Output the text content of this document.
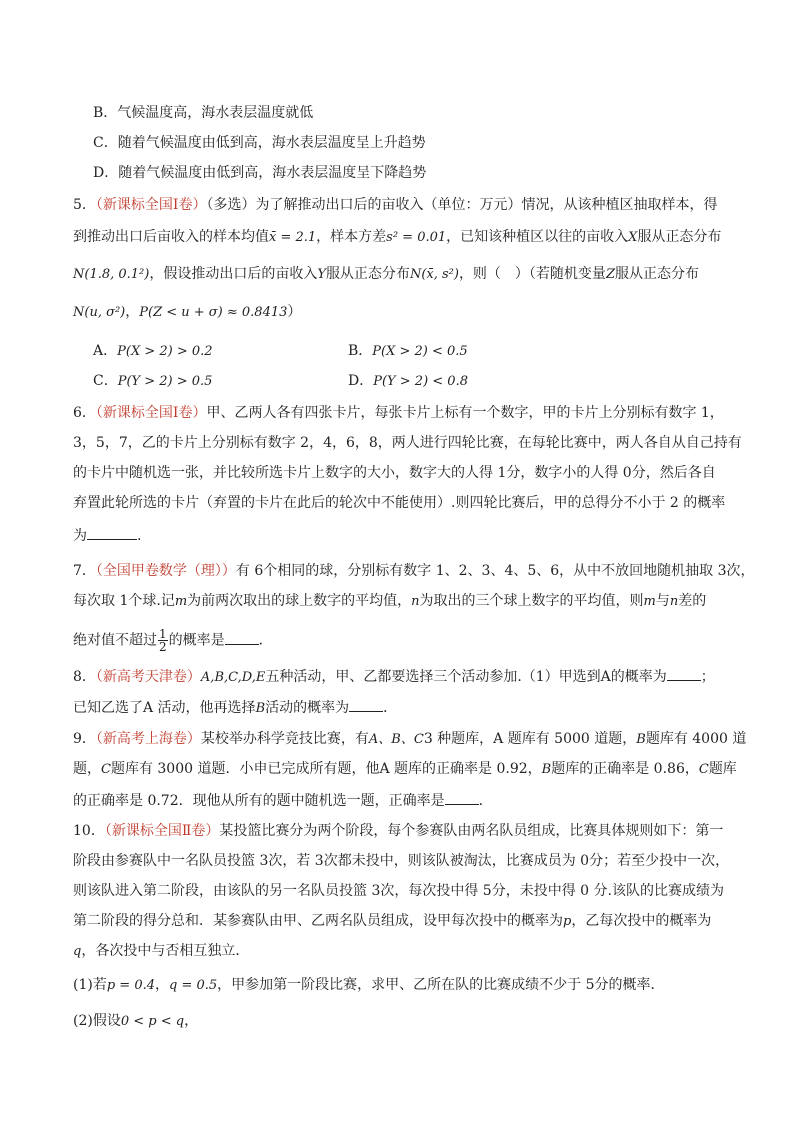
B．气候温度高，海水表层温度就低
C．随着气候温度由低到高，海水表层温度呈上升趋势
D．随着气候温度由低到高，海水表层温度呈下降趋势
5．（新课标全国Ⅰ卷）（多选）为了解推动出口后的亩收入（单位：万元）情况，从该种植区抽取样本，得
到推动出口后亩收入的样本均值x̄ = 2.1，样本方差s² = 0.01，已知该种植区以往的亩收入X服从正态分布
N(1.8, 0.1²)，假设推动出口后的亩收入Y服从正态分布N(x̄, s²)，则（　）（若随机变量Z服从正态分布
N(u, σ²)，P(Z < u + σ) ≈ 0.8413）
A．P(X > 2) > 0.2	B．P(X > 2) < 0.5
C．P(Y > 2) > 0.5	D．P(Y > 2) < 0.8
6．（新课标全国Ⅰ卷）甲、乙两人各有四张卡片，每张卡片上标有一个数字，甲的卡片上分别标有数字 1，
3，5，7，乙的卡片上分别标有数字 2，4，6，8，两人进行四轮比赛，在每轮比赛中，两人各自从自己持有
的卡片中随机选一张，并比较所选卡片上数字的大小，数字大的人得 1分，数字小的人得 0分，然后各自
弃置此轮所选的卡片（弃置的卡片在此后的轮次中不能使用）.则四轮比赛后，甲的总得分不小于 2 的概率
为	.
7．（全国甲卷数学（理））有 6个相同的球，分别标有数字 1、2、3、4、5、6，从中不放回地随机抽取 3次，
每次取 1个球.记m为前两次取出的球上数字的平均值，n为取出的三个球上数字的平均值，则m与n差的
绝对值不超过 $\frac{1}{2}$ 的概率是 ．
8．（新高考天津卷）A,B,C,D,E五种活动，甲、乙都要选择三个活动参加.（1）甲选到A的概率为 ；
已知乙选了A 活动，他再选择B活动的概率为 ．
9．（新高考上海卷）某校举办科学竞技比赛，有A、B、C3 种题库，A 题库有 5000 道题，B题库有 4000 道
题，C题库有 3000 道题．小申已完成所有题，他A 题库的正确率是 0.92，B题库的正确率是 0.86，C题库
的正确率是 0.72．现他从所有的题中随机选一题，正确率是 ．
10．（新课标全国Ⅱ卷）某投篮比赛分为两个阶段，每个参赛队由两名队员组成，比赛具体规则如下：第一
阶段由参赛队中一名队员投篮 3次，若 3次都未投中，则该队被淘汰，比赛成员为 0分；若至少投中一次，
则该队进入第二阶段，由该队的另一名队员投篮 3次，每次投中得 5分，未投中得 0 分.该队的比赛成绩为
第二阶段的得分总和．某参赛队由甲、乙两名队员组成，设甲每次投中的概率为p，乙每次投中的概率为
q，各次投中与否相互独立．
(1)若p = 0.4，q = 0.5，甲参加第一阶段比赛，求甲、乙所在队的比赛成绩不少于 5分的概率．
(2)假设0 < p < q，
